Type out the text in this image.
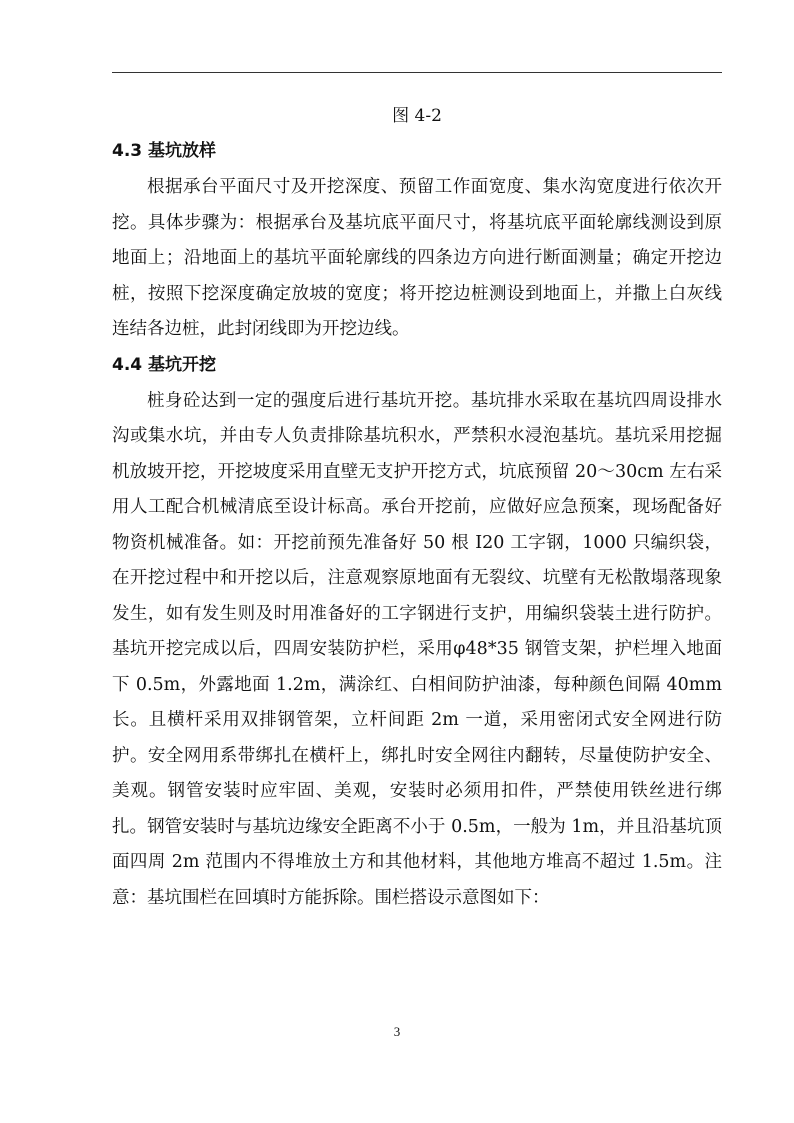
图 4-2
4.3 基坑放样

根据承台平面尺寸及开挖深度、预留工作面宽度、集水沟宽度进行依次开挖。具体步骤为：根据承台及基坑底平面尺寸，将基坑底平面轮廓线测设到原地面上；沿地面上的基坑平面轮廓线的四条边方向进行断面测量；确定开挖边桩，按照下挖深度确定放坡的宽度；将开挖边桩测设到地面上，并撒上白灰线连结各边桩，此封闭线即为开挖边线。

4.4 基坑开挖

桩身砼达到一定的强度后进行基坑开挖。基坑排水采取在基坑四周设排水沟或集水坑，并由专人负责排除基坑积水，严禁积水浸泡基坑。基坑采用挖掘机放坡开挖，开挖坡度采用直壁无支护开挖方式，坑底预留 20～30cm 左右采用人工配合机械清底至设计标高。承台开挖前，应做好应急预案，现场配备好物资机械准备。如：开挖前预先准备好 50 根 I20 工字钢，1000 只编织袋，在开挖过程中和开挖以后，注意观察原地面有无裂纹、坑壁有无松散塌落现象发生，如有发生则及时用准备好的工字钢进行支护，用编织袋装土进行防护。基坑开挖完成以后，四周安装防护栏，采用φ48*35 钢管支架，护栏埋入地面下 0.5m，外露地面 1.2m，满涂红、白相间防护油漆，每种颜色间隔 40mm 长。且横杆采用双排钢管架，立杆间距 2m 一道，采用密闭式安全网进行防护。安全网用系带绑扎在横杆上，绑扎时安全网往内翻转，尽量使防护安全、美观。钢管安装时应牢固、美观，安装时必须用扣件，严禁使用铁丝进行绑扎。钢管安装时与基坑边缘安全距离不小于 0.5m，一般为 1m，并且沿基坑顶面四周 2m 范围内不得堆放土方和其他材料，其他地方堆高不超过 1.5m。注意：基坑围栏在回填时方能拆除。围栏搭设示意图如下：

3
